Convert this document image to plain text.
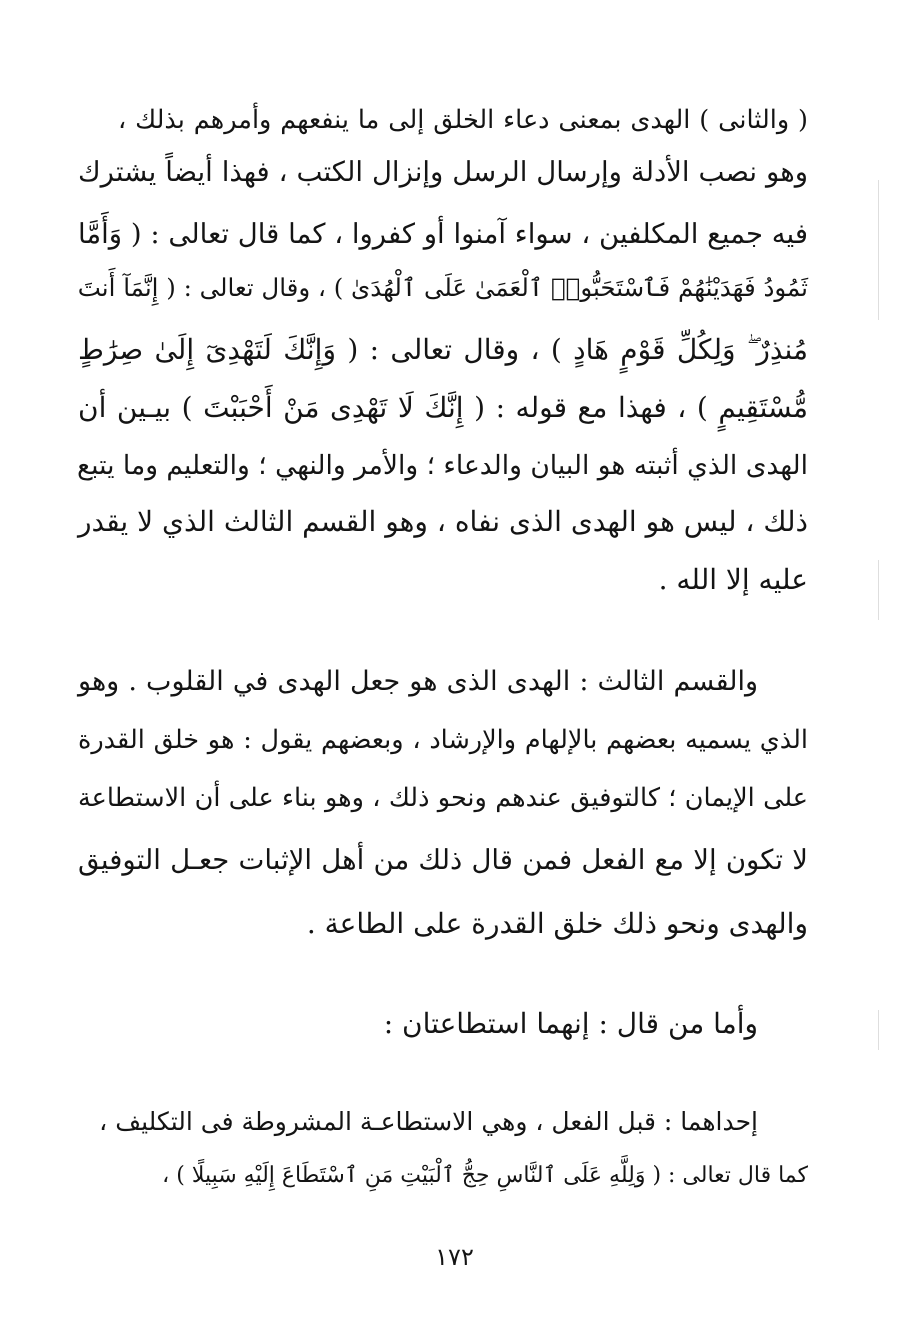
( والثانى ) الهدى بمعنى دعاء الخلق إلى ما ينفعهم وأمرهم بذلك ،
وهو نصب الأدلة وإرسال الرسل وإنزال الكتب ، فهذا أيضاً يشترك
فيه جميع المكلفين ، سواء آمنوا أو كفروا ، كما قال تعالى : ( وَأَمَّا
ثَمُودُ فَهَدَيْنَٰهُمْ فَٱسْتَحَبُّوا۟ ٱلْعَمَىٰ عَلَى ٱلْهُدَىٰ ) ، وقال تعالى : ( إِنَّمَآ أَنتَ
مُنذِرٌ ۖ وَلِكُلِّ قَوْمٍ هَادٍ ) ، وقال تعالى : ( وَإِنَّكَ لَتَهْدِىٓ إِلَىٰ صِرَٰطٍ
مُّسْتَقِيمٍ ) ، فهذا مع قوله : ( إِنَّكَ لَا تَهْدِى مَنْ أَحْبَبْتَ ) بيـين أن
الهدى الذي أثبته هو البيان والدعاء ؛ والأمر والنهي ؛ والتعليم وما يتبع
ذلك ، ليس هو الهدى الذى نفاه ، وهو القسم الثالث الذي لا يقدر
عليه إلا الله .
والقسم الثالث : الهدى الذى هو جعل الهدى في القلوب . وهو
الذي يسميه بعضهم بالإلهام والإرشاد ، وبعضهم يقول : هو خلق القدرة
على الإيمان ؛ كالتوفيق عندهم ونحو ذلك ، وهو بناء على أن الاستطاعة
لا تكون إلا مع الفعل فمن قال ذلك من أهل الإثبات جعـل التوفيق
والهدى ونحو ذلك خلق القدرة على الطاعة .
وأما من قال : إنهما استطاعتان :
إحداهما : قبل الفعل ، وهي الاستطاعـة المشروطة فى التكليف ،
كما قال تعالى : ( وَلِلَّهِ عَلَى ٱلنَّاسِ حِجُّ ٱلْبَيْتِ مَنِ ٱسْتَطَاعَ إِلَيْهِ سَبِيلًا ) ،
١٧٢
